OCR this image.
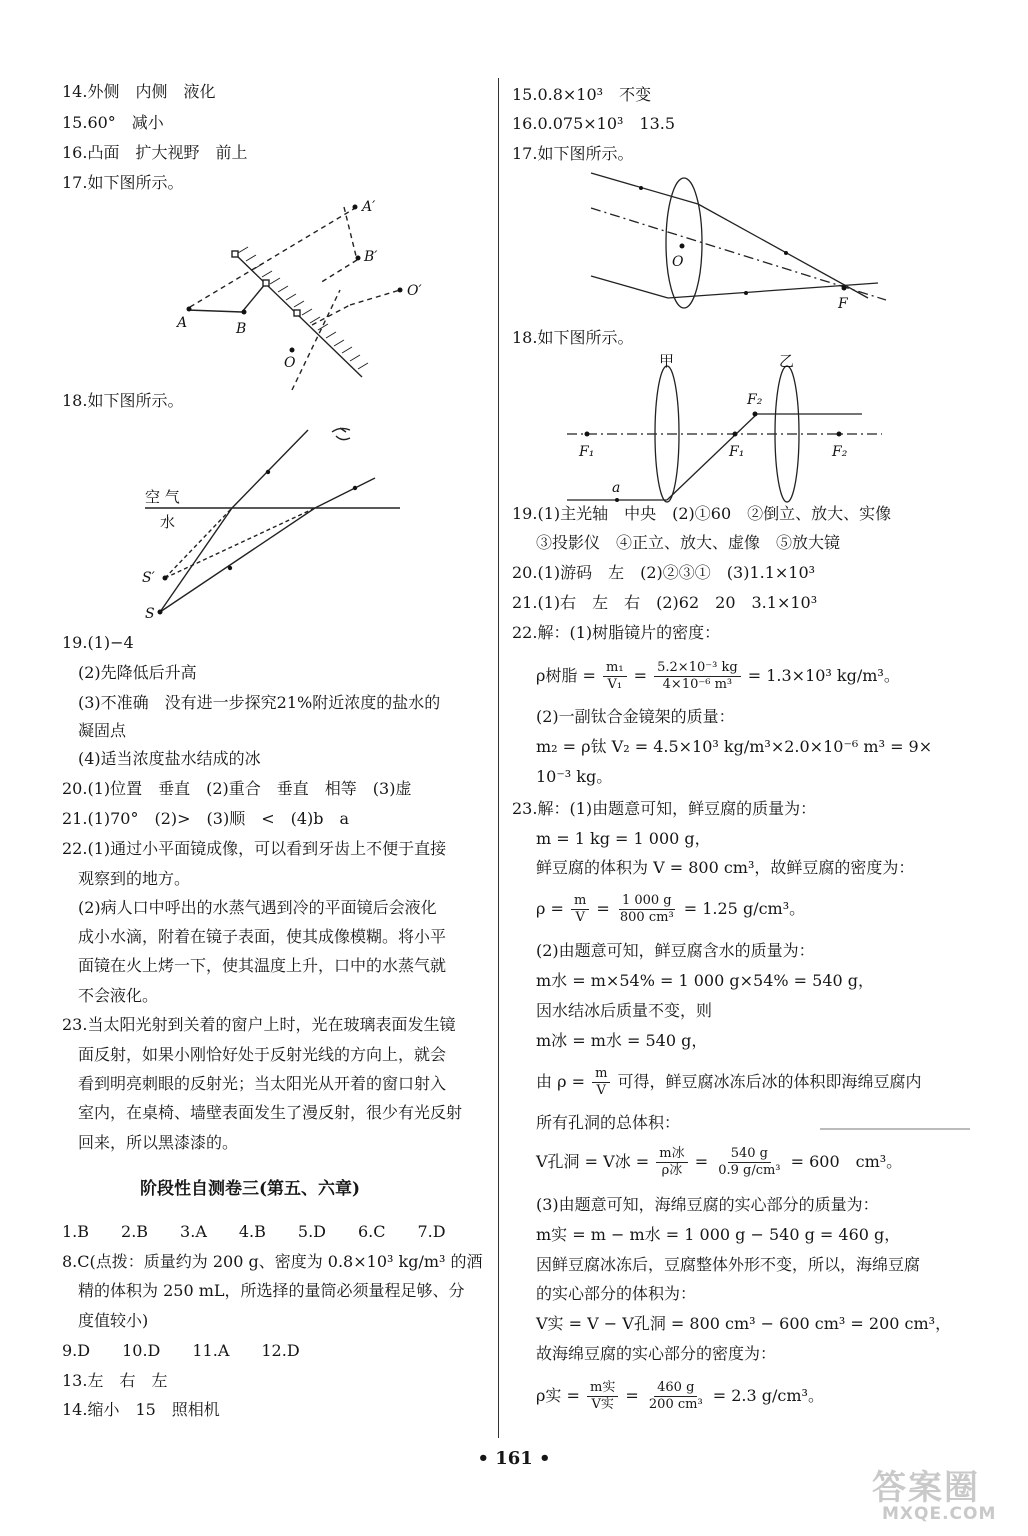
14.外侧　内侧　液化
15.60°　减小
16.凸面　扩大视野　前上
17.如下图所示。
A′
B′
O′
A	B
O
18.如下图所示。
空 气
水
S′
S
19.(1)−4
(2)先降低后升高
(3)不准确　没有进一步探究21%附近浓度的盐水的
凝固点
(4)适当浓度盐水结成的冰
20.(1)位置　垂直　(2)重合　垂直　相等　(3)虚
21.(1)70°　(2)>　(3)顺　<　(4)b　a
22.(1)通过小平面镜成像，可以看到牙齿上不便于直接
观察到的地方。
(2)病人口中呼出的水蒸气遇到冷的平面镜后会液化
成小水滴，附着在镜子表面，使其成像模糊。将小平
面镜在火上烤一下，使其温度上升，口中的水蒸气就
不会液化。
23.当太阳光射到关着的窗户上时，光在玻璃表面发生镜
面反射，如果小刚恰好处于反射光线的方向上，就会
看到明亮刺眼的反射光；当太阳光从开着的窗口射入
室内，在桌椅、墙壁表面发生了漫反射，很少有光反射
回来，所以黑漆漆的。
阶段性自测卷三(第五、六章)
1.B　　2.B　　3.A　　4.B　　5.D　　6.C　　7.D
8.C(点拨：质量约为 200 g、密度为 0.8×10³ kg/m³ 的酒
精的体积为 250 mL，所选择的量筒必须量程足够、分
度值较小)
9.D　　10.D　　11.A　　12.D
13.左　右　左
14.缩小　15　照相机
15.0.8×10³　不变
16.0.075×10³　13.5
17.如下图所示。
O
F
18.如下图所示。
甲	乙
F₁
F₂
F₁	F₂
a
19.(1)主光轴　中央　(2)①60　②倒立、放大、实像
③投影仪　④正立、放大、虚像　⑤放大镜
20.(1)游码　左　(2)②③①　(3)1.1×10³
21.(1)右　左　右　(2)62　20　3.1×10³
22.解：(1)树脂镜片的密度：
ρ树脂 = $\frac{\text{m₁}}{\text{V₁}} = \frac{\text{5.2×10⁻³ kg}}{\text{4×10⁻⁶ m³}} = 1.3\times 10^3$ kg/m³。
(2)一副钛合金镜架的质量：
m₂ = ρ钛 V₂ = 4.5×10³ kg/m³×2.0×10⁻⁶ m³ = 9×
10⁻³ kg。
23.解：(1)由题意可知，鲜豆腐的质量为：
m = 1 kg = 1 000 g，
鲜豆腐的体积为 V = 800 cm³，故鲜豆腐的密度为：
$\rho = \frac{m}{V} = \frac{1 000 g}{\text{800 cm³}} = 1.25$ g/cm³。
(2)由题意可知，鲜豆腐含水的质量为：
m水 = m×54% = 1 000 g×54% = 540 g，
因水结冰后质量不变，则
m冰 = m水 = 540 g，
由 $\rho = \frac{m}{V}$ 可得，鲜豆腐冰冻后冰的体积即海绵豆腐内
所有孔洞的总体积：
V孔洞 = V冰 = $\frac{\text{m冰}}{\text{ρ冰}} = \frac{540 g}{\text{0.9 g/cm³}} = 600$　cm³。
(3)由题意可知，海绵豆腐的实心部分的质量为：
m实 = m − m水 = 1 000 g − 540 g = 460 g，
因鲜豆腐冰冻后，豆腐整体外形不变，所以，海绵豆腐
的实心部分的体积为：
V实 = V − V孔洞 = 800 cm³ − 600 cm³ = 200 cm³，
故海绵豆腐的实心部分的密度为：
ρ实 = $\frac{\text{m实}}{\text{V实}} = \frac{460 g}{\text{200 cm³}} = 2.3$ g/cm³。
• 161 •
答案圈
MXQE.COM
